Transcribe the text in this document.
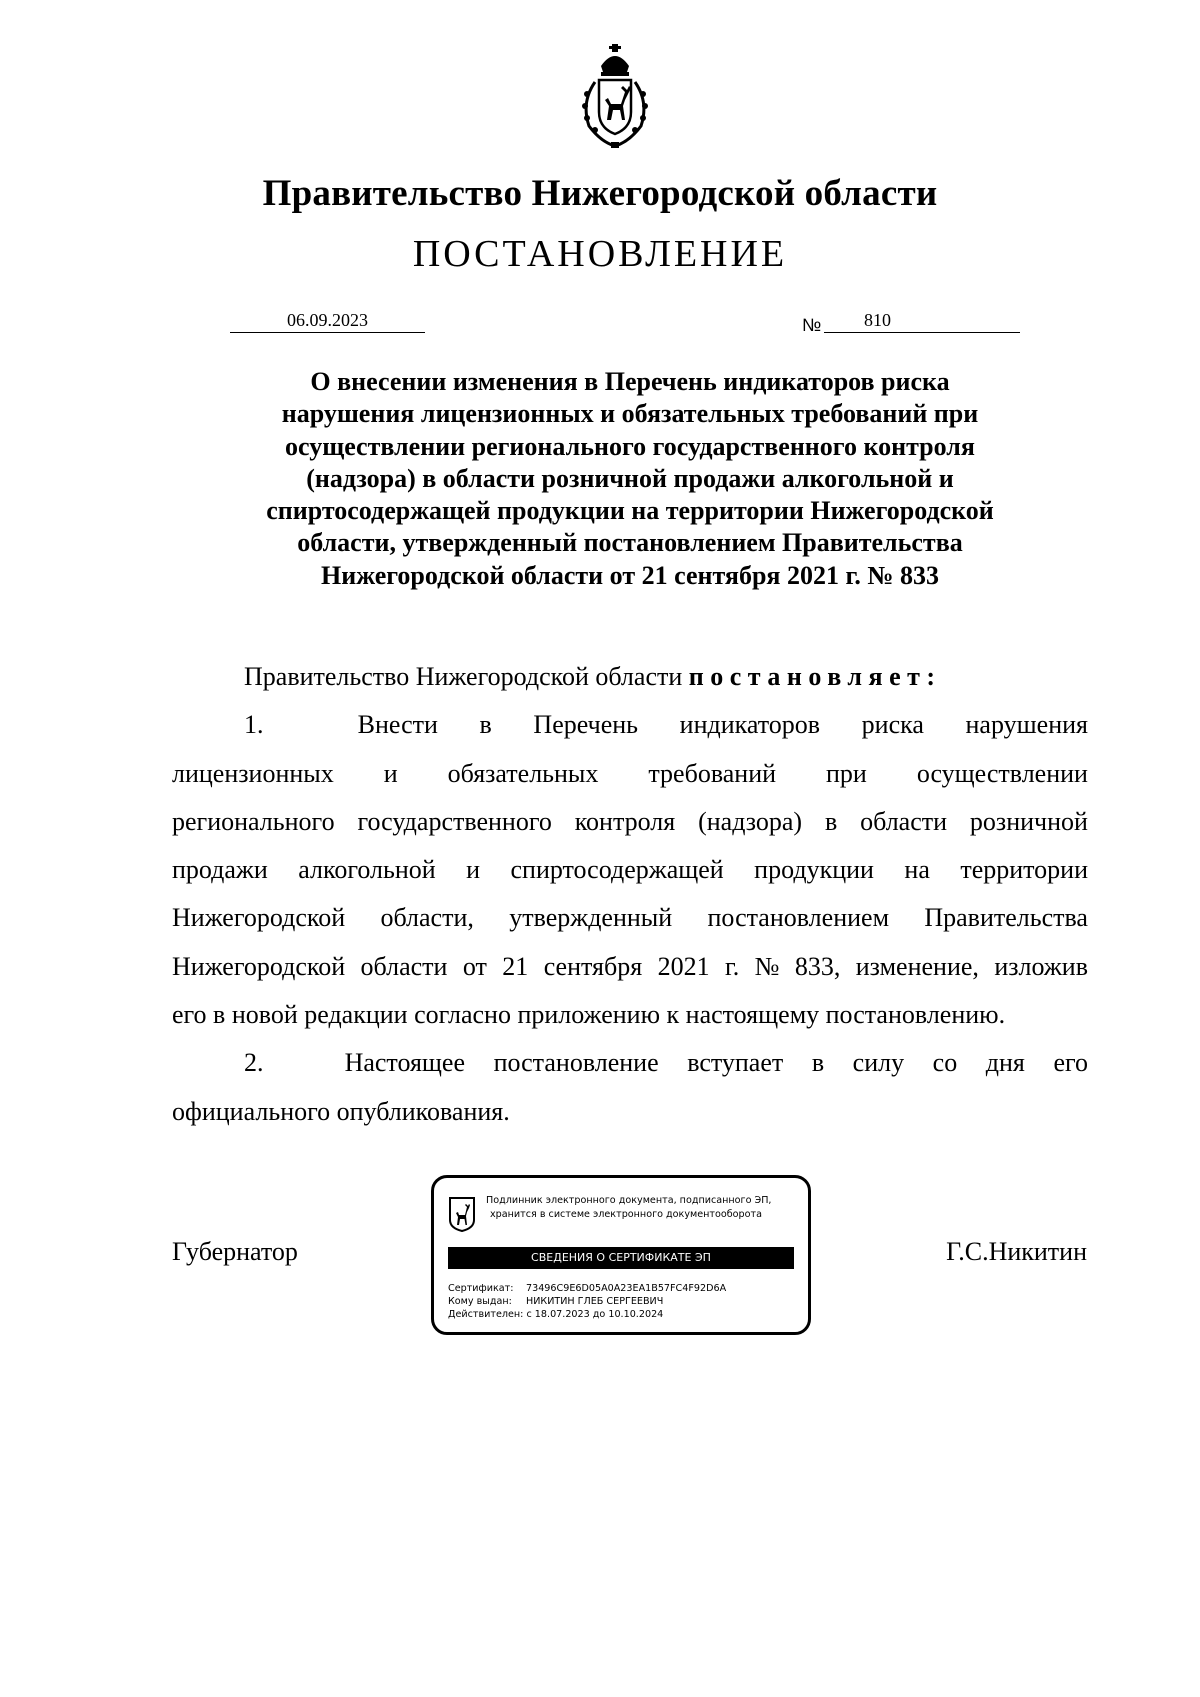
Правительство Нижегородской области
ПОСТАНОВЛЕНИЕ
06.09.2023	№	810
О внесении изменения в Перечень индикаторов риска
нарушения лицензионных и обязательных требований при
осуществлении регионального государственного контроля
(надзора) в области розничной продажи алкогольной и
спиртосодержащей продукции на территории Нижегородской
области, утвержденный постановлением Правительства
Нижегородской области от 21 сентября 2021 г. № 833
Правительство Нижегородской области
постановляет:
1.	Внести в Перечень индикаторов риска нарушения
лицензионных и обязательных требований при осуществлении
регионального государственного контроля (надзора) в области розничной
продажи алкогольной и спиртосодержащей продукции на территории
Нижегородской области, утвержденный постановлением Правительства
Нижегородской области от 21 сентября 2021 г. № 833, изменение, изложив
его в новой редакции согласно приложению к настоящему постановлению.
2.	Настоящее постановление вступает в силу со дня его
официального опубликования.
Губернатор	Г.С.Никитин
Подлинник электронного документа, подписанного ЭП,
хранится в системе электронного документооборота
СВЕДЕНИЯ О СЕРТИФИКАТЕ ЭП
Сертификат: 73496C9E6D05A0A23EA1B57FC4F92D6A
Кому выдан: НИКИТИН ГЛЕБ СЕРГЕЕВИЧ
Действителен: с 18.07.2023 до 10.10.2024
